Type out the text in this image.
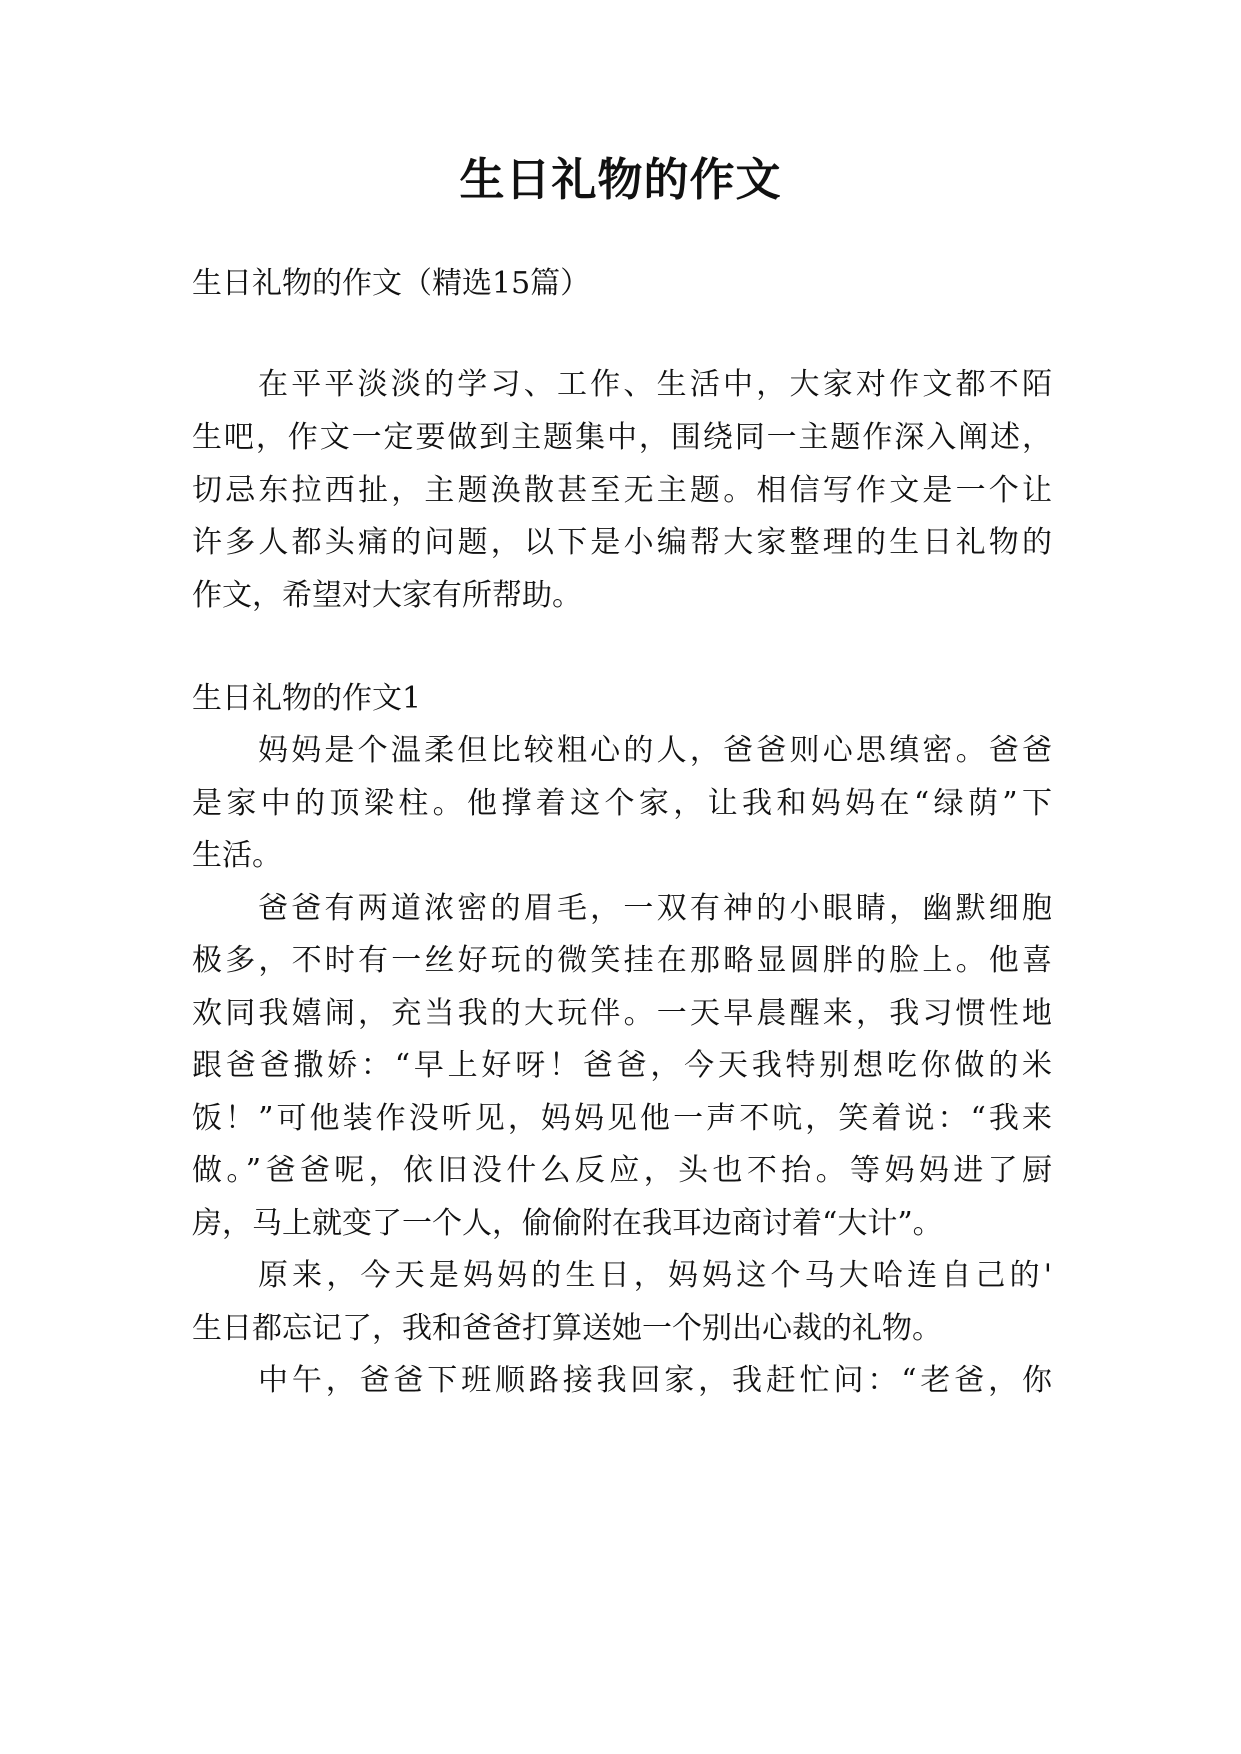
生日礼物的作文

生日礼物的作文（精选15篇）

在平平淡淡的学习、工作、生活中，大家对作文都不陌

生吧，作文一定要做到主题集中，围绕同一主题作深入阐述，

切忌东拉西扯，主题涣散甚至无主题。相信写作文是一个让

许多人都头痛的问题，以下是小编帮大家整理的生日礼物的

作文，希望对大家有所帮助。

生日礼物的作文1

妈妈是个温柔但比较粗心的人，爸爸则心思缜密。爸爸

是家中的顶梁柱。他撑着这个家，让我和妈妈在“绿荫”下

生活。

爸爸有两道浓密的眉毛，一双有神的小眼睛，幽默细胞

极多，不时有一丝好玩的微笑挂在那略显圆胖的脸上。他喜

欢同我嬉闹，充当我的大玩伴。一天早晨醒来，我习惯性地

跟爸爸撒娇：“早上好呀！爸爸，今天我特别想吃你做的米

饭！”可他装作没听见，妈妈见他一声不吭，笑着说：“我来

做。”爸爸呢，依旧没什么反应，头也不抬。等妈妈进了厨

房，马上就变了一个人，偷偷附在我耳边商讨着“大计”。

原来，今天是妈妈的生日，妈妈这个马大哈连自己的'

生日都忘记了，我和爸爸打算送她一个别出心裁的礼物。

中午，爸爸下班顺路接我回家，我赶忙问：“老爸，你
